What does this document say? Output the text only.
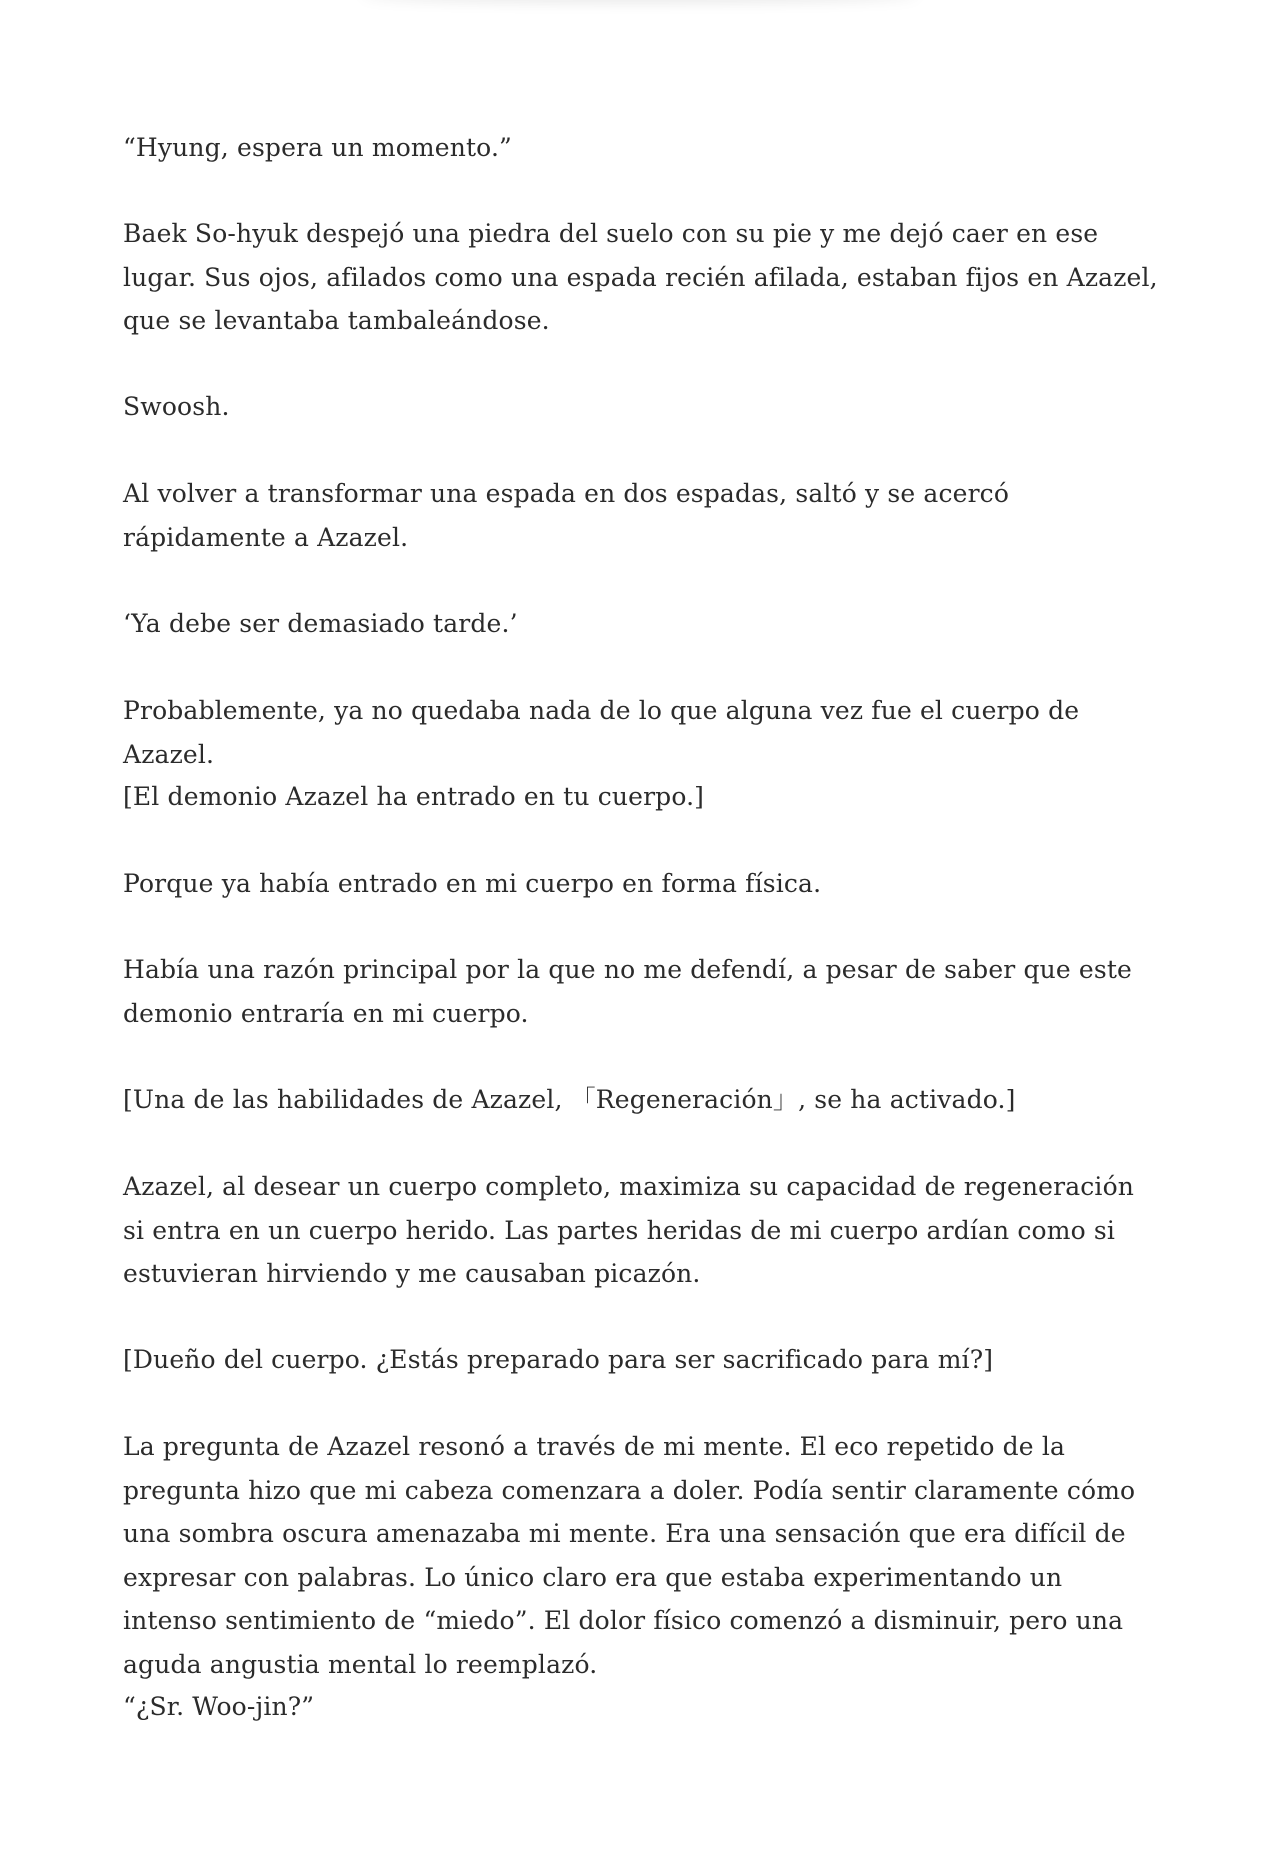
“Hyung, espera un momento.”

Baek So-hyuk despejó una piedra del suelo con su pie y me dejó caer en ese lugar. Sus ojos, afilados como una espada recién afilada, estaban fijos en Azazel, que se levantaba tambaleándose.

Swoosh.

Al volver a transformar una espada en dos espadas, saltó y se acercó rápidamente a Azazel.

‘Ya debe ser demasiado tarde.’

Probablemente, ya no quedaba nada de lo que alguna vez fue el cuerpo de Azazel.

[El demonio Azazel ha entrado en tu cuerpo.]

Porque ya había entrado en mi cuerpo en forma física.

Había una razón principal por la que no me defendí, a pesar de saber que este demonio entraría en mi cuerpo.

[Una de las habilidades de Azazel, 「Regeneración」, se ha activado.]

Azazel, al desear un cuerpo completo, maximiza su capacidad de regeneración si entra en un cuerpo herido. Las partes heridas de mi cuerpo ardían como si estuvieran hirviendo y me causaban picazón.

[Dueño del cuerpo. ¿Estás preparado para ser sacrificado para mí?]

La pregunta de Azazel resonó a través de mi mente. El eco repetido de la pregunta hizo que mi cabeza comenzara a doler. Podía sentir claramente cómo una sombra oscura amenazaba mi mente. Era una sensación que era difícil de expresar con palabras. Lo único claro era que estaba experimentando un intenso sentimiento de “miedo”. El dolor físico comenzó a disminuir, pero una aguda angustia mental lo reemplazó.

“¿Sr. Woo-jin?”
